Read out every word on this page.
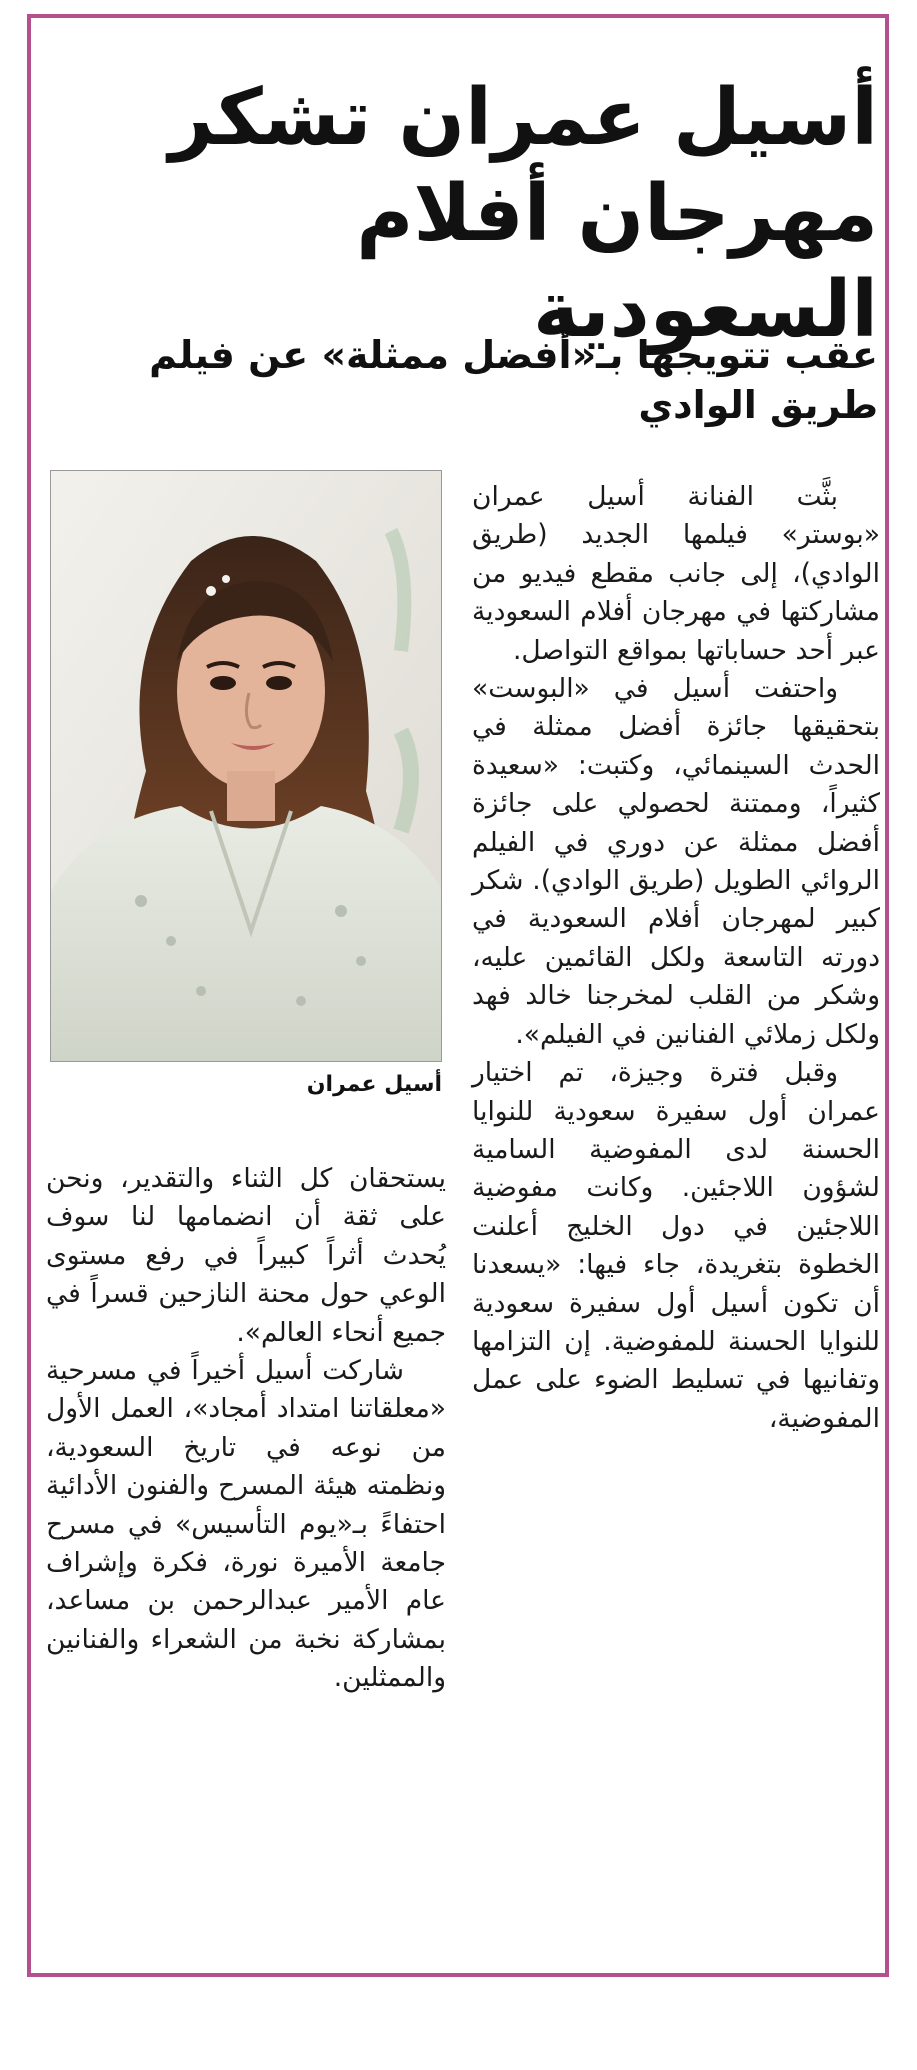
أسيل عمران تشكر مهرجان أفلام السعودية
عقب تتويجها بـ«أفضل ممثلة» عن فيلم طريق الوادي
أسيل عمران

بثَّت الفنانة أسيل عمران «بوستر» فيلمها الجديد (طريق الوادي)، إلى جانب مقطع فيديو من مشاركتها في مهرجان أفلام السعودية عبر أحد حساباتها بمواقع التواصل.

واحتفت أسيل في «البوست» بتحقيقها جائزة أفضل ممثلة في الحدث السينمائي، وكتبت: «سعيدة كثيراً، وممتنة لحصولي على جائزة أفضل ممثلة عن دوري في الفيلم الروائي الطويل (طريق الوادي). شكر كبير لمهرجان أفلام السعودية في دورته التاسعة ولكل القائمين عليه، وشكر من القلب لمخرجنا خالد فهد ولكل زملائي الفنانين في الفيلم».

وقبل فترة وجيزة، تم اختيار عمران أول سفيرة سعودية للنوايا الحسنة لدى المفوضية السامية لشؤون اللاجئين. وكانت مفوضية اللاجئين في دول الخليج أعلنت الخطوة بتغريدة، جاء فيها: «يسعدنا أن تكون أسيل أول سفيرة سعودية للنوايا الحسنة للمفوضية. إن التزامها وتفانيها في تسليط الضوء على عمل المفوضية،

يستحقان كل الثناء والتقدير، ونحن على ثقة أن انضمامها لنا سوف يُحدث أثراً كبيراً في رفع مستوى الوعي حول محنة النازحين قسراً في جميع أنحاء العالم».

شاركت أسيل أخيراً في مسرحية «معلقاتنا امتداد أمجاد»، العمل الأول من نوعه في تاريخ السعودية، ونظمته هيئة المسرح والفنون الأدائية احتفاءً بـ«يوم التأسيس» في مسرح جامعة الأميرة نورة، فكرة وإشراف عام الأمير عبدالرحمن بن مساعد، بمشاركة نخبة من الشعراء والفنانين والممثلين.
